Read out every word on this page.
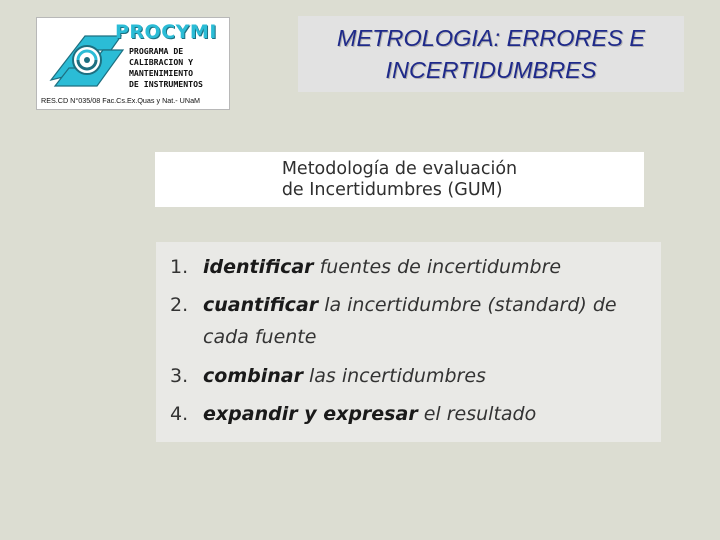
PROCYMI
PROGRAMA DE
CALIBRACION Y
MANTENIMIENTO
DE INSTRUMENTOS
RES.CD N°035/08 Fac.Cs.Ex.Quas y Nat.- UNaM
METROLOGIA: ERRORES E
INCERTIDUMBRES
Metodología de evaluación
de Incertidumbres (GUM)
1. identificar fuentes de incertidumbre
2. cuantificar la incertidumbre (standard) de
cada fuente
3. combinar las incertidumbres
4. expandir y expresar el resultado
